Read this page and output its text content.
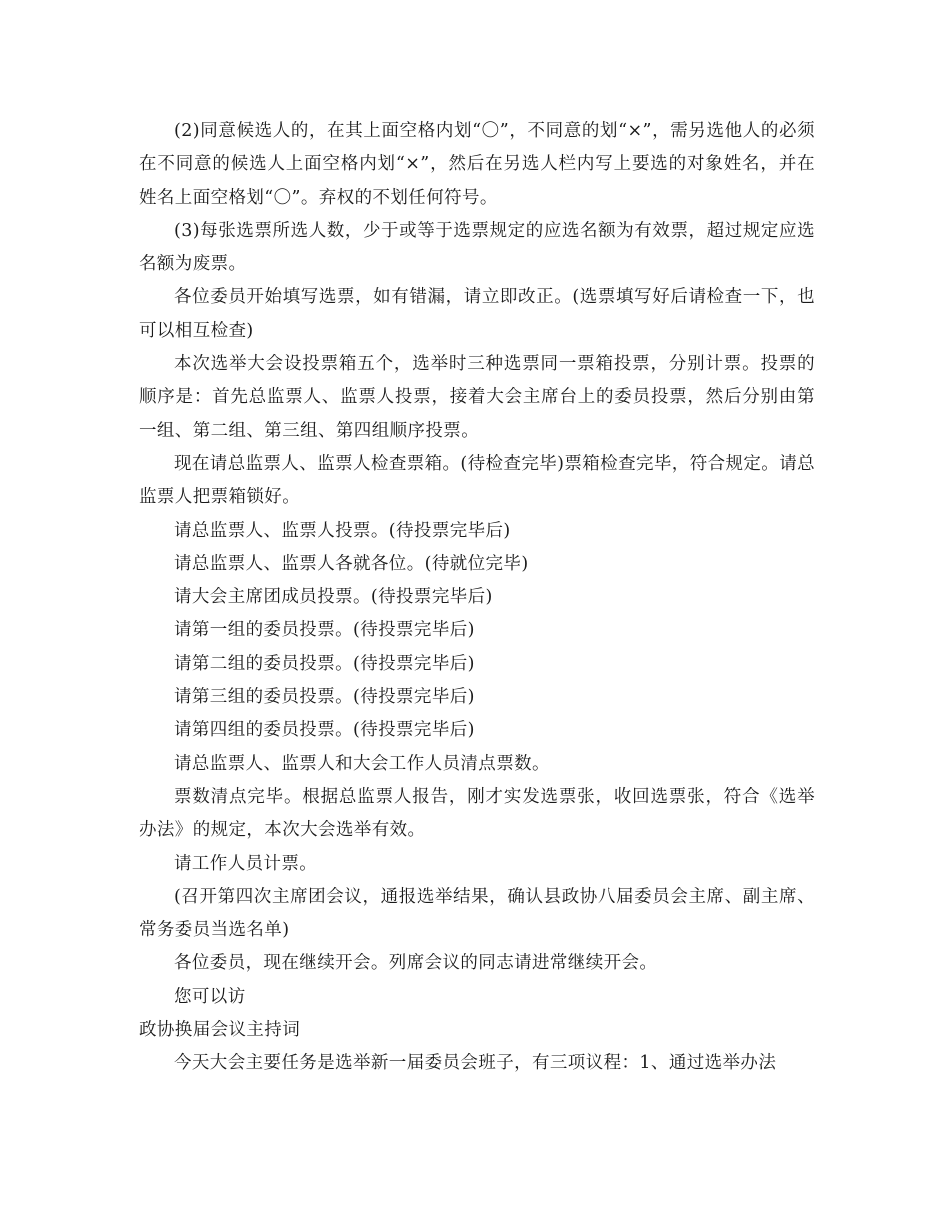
(2)同意候选人的，在其上面空格内划“〇”，不同意的划“×”，需另选他人的必须在不同意的候选人上面空格内划“×”，然后在另选人栏内写上要选的对象姓名，并在姓名上面空格划“〇”。弃权的不划任何符号。

(3)每张选票所选人数，少于或等于选票规定的应选名额为有效票，超过规定应选名额为废票。

各位委员开始填写选票，如有错漏，请立即改正。(选票填写好后请检查一下，也可以相互检查)

本次选举大会设投票箱五个，选举时三种选票同一票箱投票，分别计票。投票的顺序是：首先总监票人、监票人投票，接着大会主席台上的委员投票，然后分别由第一组、第二组、第三组、第四组顺序投票。

现在请总监票人、监票人检查票箱。(待检查完毕)票箱检查完毕，符合规定。请总监票人把票箱锁好。

请总监票人、监票人投票。(待投票完毕后)

请总监票人、监票人各就各位。(待就位完毕)

请大会主席团成员投票。(待投票完毕后)

请第一组的委员投票。(待投票完毕后)

请第二组的委员投票。(待投票完毕后)

请第三组的委员投票。(待投票完毕后)

请第四组的委员投票。(待投票完毕后)

请总监票人、监票人和大会工作人员清点票数。

票数清点完毕。根据总监票人报告，刚才实发选票张，收回选票张，符合《选举办法》的规定，本次大会选举有效。

请工作人员计票。

(召开第四次主席团会议，通报选举结果，确认县政协八届委员会主席、副主席、常务委员当选名单)

各位委员，现在继续开会。列席会议的同志请进常继续开会。

您可以访

政协换届会议主持词

今天大会主要任务是选举新一届委员会班子，有三项议程：1、通过选举办法
